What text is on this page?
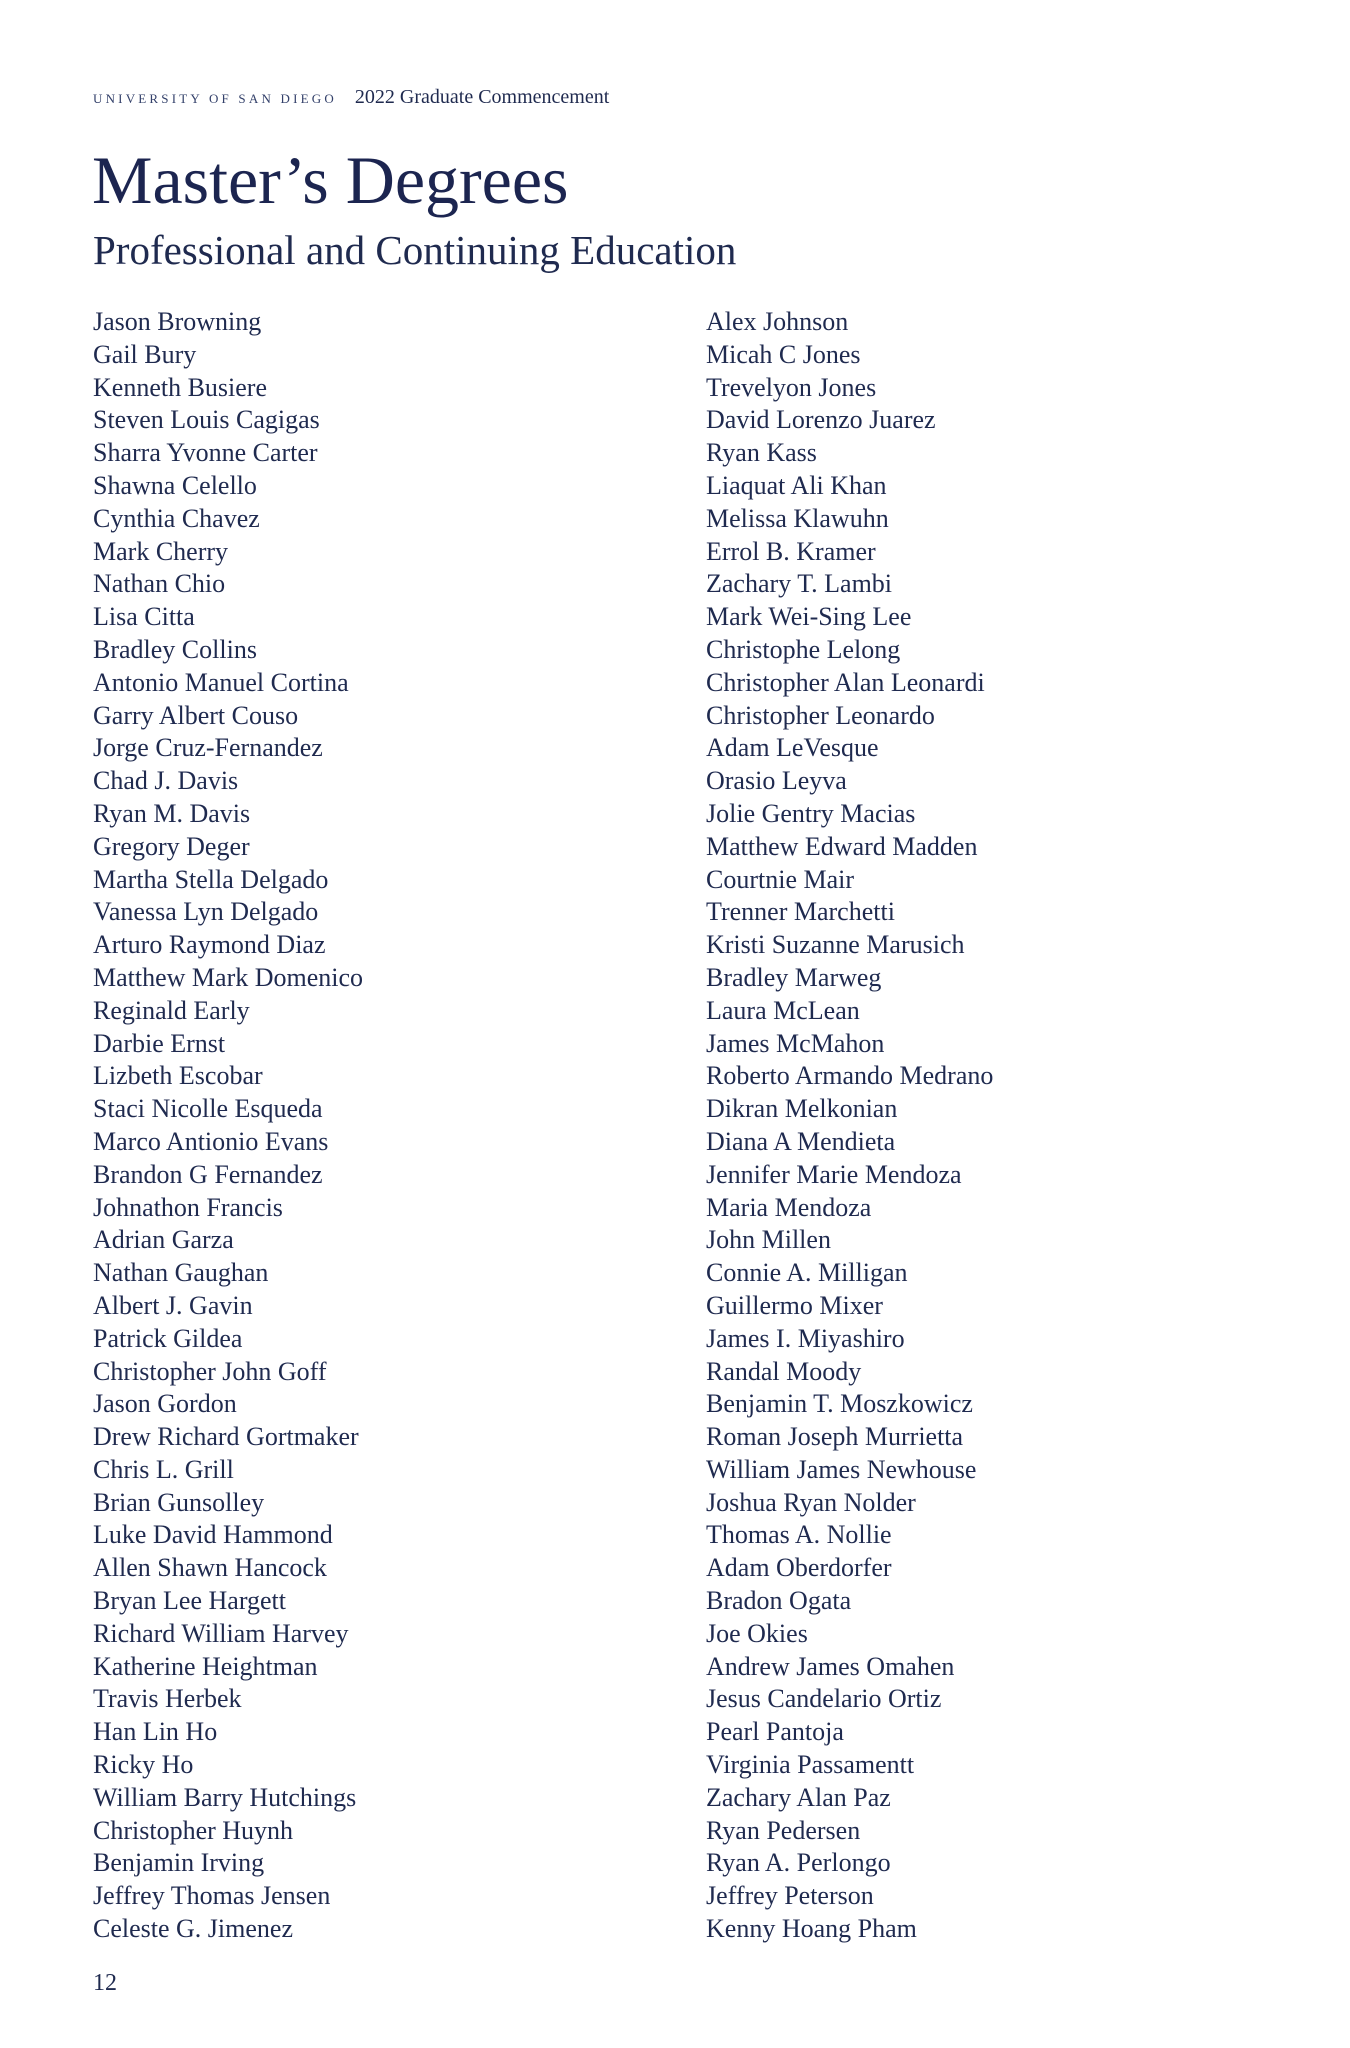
UNIVERSITY OF SAN DIEGO 2022 Graduate Commencement
Master’s Degrees
Professional and Continuing Education
Jason Browning
Gail Bury
Kenneth Busiere
Steven Louis Cagigas
Sharra Yvonne Carter
Shawna Celello
Cynthia Chavez
Mark Cherry
Nathan Chio
Lisa Citta
Bradley Collins
Antonio Manuel Cortina
Garry Albert Couso
Jorge Cruz-Fernandez
Chad J. Davis
Ryan M. Davis
Gregory Deger
Martha Stella Delgado
Vanessa Lyn Delgado
Arturo Raymond Diaz
Matthew Mark Domenico
Reginald Early
Darbie Ernst
Lizbeth Escobar
Staci Nicolle Esqueda
Marco Antionio Evans
Brandon G Fernandez
Johnathon Francis
Adrian Garza
Nathan Gaughan
Albert J. Gavin
Patrick Gildea
Christopher John Goff
Jason Gordon
Drew Richard Gortmaker
Chris L. Grill
Brian Gunsolley
Luke David Hammond
Allen Shawn Hancock
Bryan Lee Hargett
Richard William Harvey
Katherine Heightman
Travis Herbek
Han Lin Ho
Ricky Ho
William Barry Hutchings
Christopher Huynh
Benjamin Irving
Jeffrey Thomas Jensen
Celeste G. Jimenez
Alex Johnson
Micah C Jones
Trevelyon Jones
David Lorenzo Juarez
Ryan Kass
Liaquat Ali Khan
Melissa Klawuhn
Errol B. Kramer
Zachary T. Lambi
Mark Wei-Sing Lee
Christophe Lelong
Christopher Alan Leonardi
Christopher Leonardo
Adam LeVesque
Orasio Leyva
Jolie Gentry Macias
Matthew Edward Madden
Courtnie Mair
Trenner Marchetti
Kristi Suzanne Marusich
Bradley Marweg
Laura McLean
James McMahon
Roberto Armando Medrano
Dikran Melkonian
Diana A Mendieta
Jennifer Marie Mendoza
Maria Mendoza
John Millen
Connie A. Milligan
Guillermo Mixer
James I. Miyashiro
Randal Moody
Benjamin T. Moszkowicz
Roman Joseph Murrietta
William James Newhouse
Joshua Ryan Nolder
Thomas A. Nollie
Adam Oberdorfer
Bradon Ogata
Joe Okies
Andrew James Omahen
Jesus Candelario Ortiz
Pearl Pantoja
Virginia Passamentt
Zachary Alan Paz
Ryan Pedersen
Ryan A. Perlongo
Jeffrey Peterson
Kenny Hoang Pham
12
